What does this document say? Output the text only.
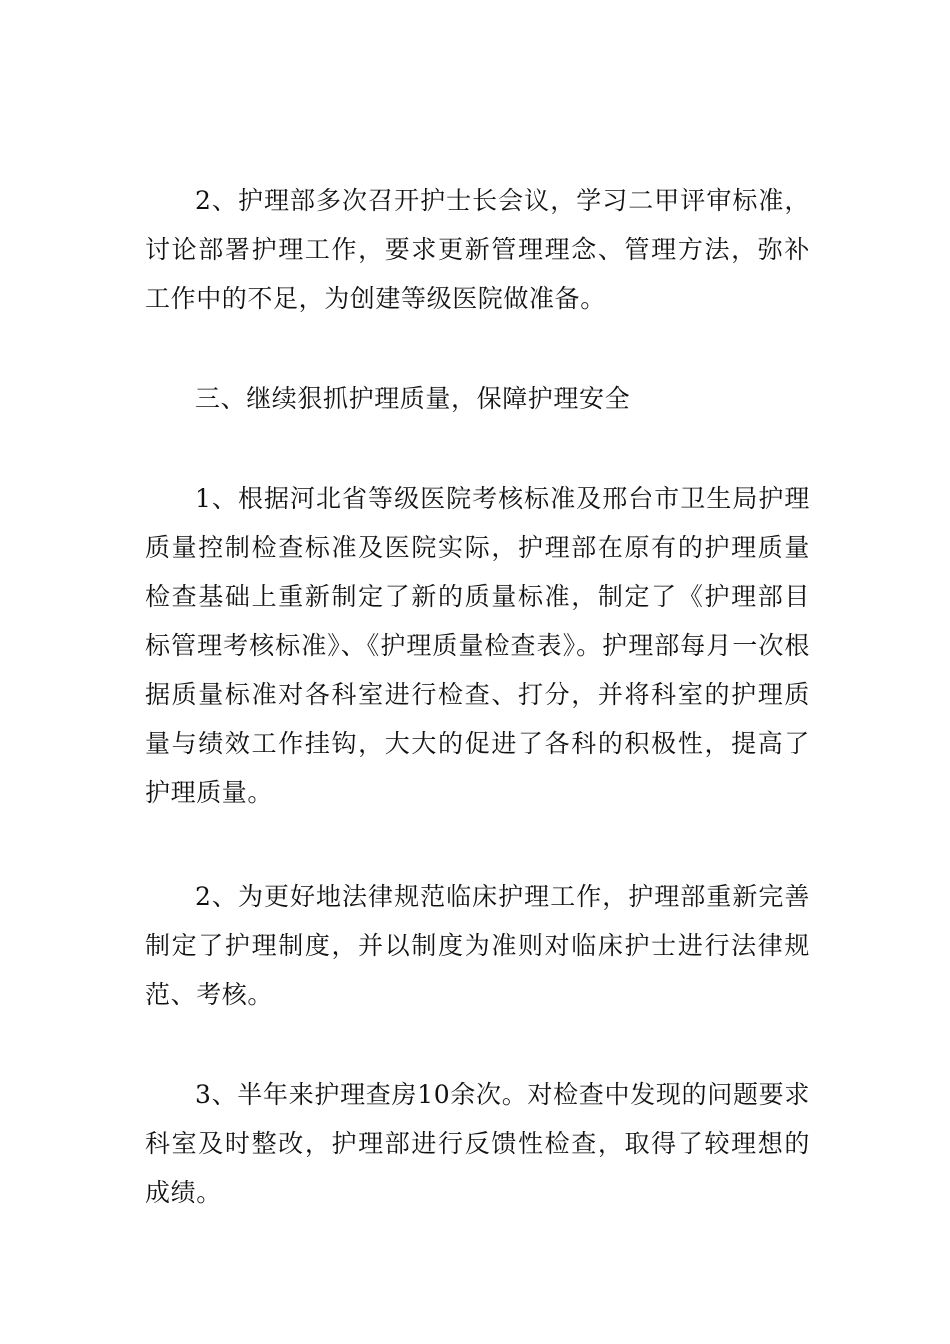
2、护理部多次召开护士长会议，学习二甲评审标准，讨论部署护理工作，要求更新管理理念、管理方法，弥补工作中的不足，为创建等级医院做准备。

三、继续狠抓护理质量，保障护理安全

1、根据河北省等级医院考核标准及邢台市卫生局护理质量控制检查标准及医院实际，护理部在原有的护理质量检查基础上重新制定了新的质量标准，制定了《护理部目标管理考核标准》、《护理质量检查表》。护理部每月一次根据质量标准对各科室进行检查、打分，并将科室的护理质量与绩效工作挂钩，大大的促进了各科的积极性，提高了护理质量。

2、为更好地法律规范临床护理工作，护理部重新完善制定了护理制度，并以制度为准则对临床护士进行法律规范、考核。

3、半年来护理查房10余次。对检查中发现的问题要求科室及时整改，护理部进行反馈性检查，取得了较理想的成绩。
